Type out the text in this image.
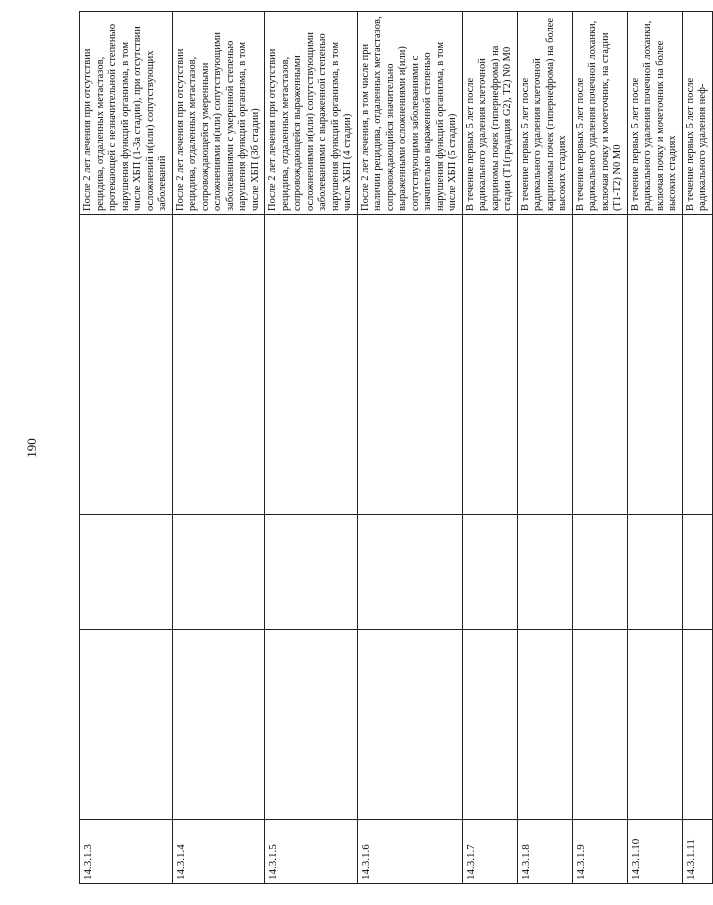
190
14.3.1.3				После 2 лет лечения при отсутствии рецидива, отдаленных метастазов, протекающей с незначительной степенью нарушения функций организма, в том числе ХБП (1-3а стадии), при отсутствии осложнений и(или) сопутствующих заболеваний
14.3.1.4				После 2 лет лечения при отсутствии рецидива, отдаленных метастазов, сопровождающейся умеренными осложнениями и(или) сопутствующими заболеваниями с умеренной степенью нарушения функций организма, в том числе ХБП (3б стадии)
14.3.1.5				После 2 лет лечения при отсутствии рецидива, отдаленных метастазов, сопровождающейся выраженными осложнениями и(или) сопутствующими заболеваниями с выраженной степенью нарушения функций организма, в том числе ХБП (4 стадии)
14.3.1.6				После 2 лет лечения, в том числе при наличии рецидива, отдаленных метастазов, сопровождающийся значительно выраженными осложнениями и(или) сопутствующими заболеваниями с значительно выраженной степенью нарушения функций организма, в том числе ХБП (5 стадии)
14.3.1.7				В течение первых 5 лет после радикального удаления клеточной карциномы почек (гипернефрома) на стадии (Т1(градация G2), Т2) N0 M0
14.3.1.8				В течение первых 5 лет после радикального удаления клеточной карциномы почек (гипернефрома) на более высоких стадиях
14.3.1.9				В течение первых 5 лет после радикального удаления почечной лоханки, включая почку и мочеточник, на стадии (Т1-Т2) N0 M0
14.3.1.10				В течение первых 5 лет после радикального удаления почечной лоханки, включая почку и мочеточник на более высоких стадиях
14.3.1.11				В течение первых 5 лет после радикального удаления неф-
